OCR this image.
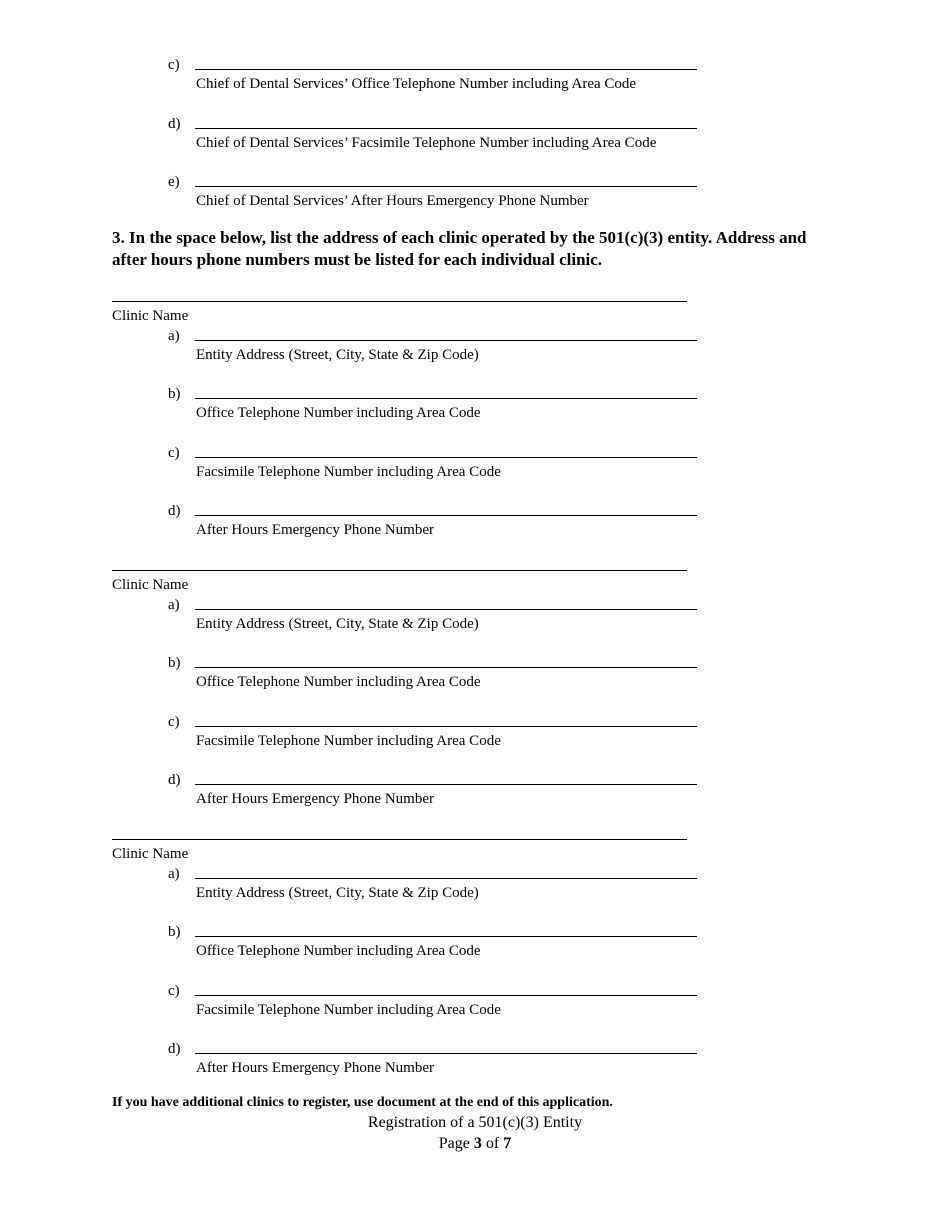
c)
Chief of Dental Services’ Office Telephone Number including Area Code
d)
Chief of Dental Services’ Facsimile Telephone Number including Area Code
e)
Chief of Dental Services’ After Hours Emergency Phone Number
3. In the space below, list the address of each clinic operated by the 501(c)(3) entity. Address and after hours phone numbers must be listed for each individual clinic.
Clinic Name
a)
Entity Address (Street, City, State & Zip Code)
b)
Office Telephone Number including Area Code
c)
Facsimile Telephone Number including Area Code
d)
After Hours Emergency Phone Number
Clinic Name
a)
Entity Address (Street, City, State & Zip Code)
b)
Office Telephone Number including Area Code
c)
Facsimile Telephone Number including Area Code
d)
After Hours Emergency Phone Number
Clinic Name
a)
Entity Address (Street, City, State & Zip Code)
b)
Office Telephone Number including Area Code
c)
Facsimile Telephone Number including Area Code
d)
After Hours Emergency Phone Number
If you have additional clinics to register, use document at the end of this application.
Registration of a 501(c)(3) Entity
Page 3 of 7
